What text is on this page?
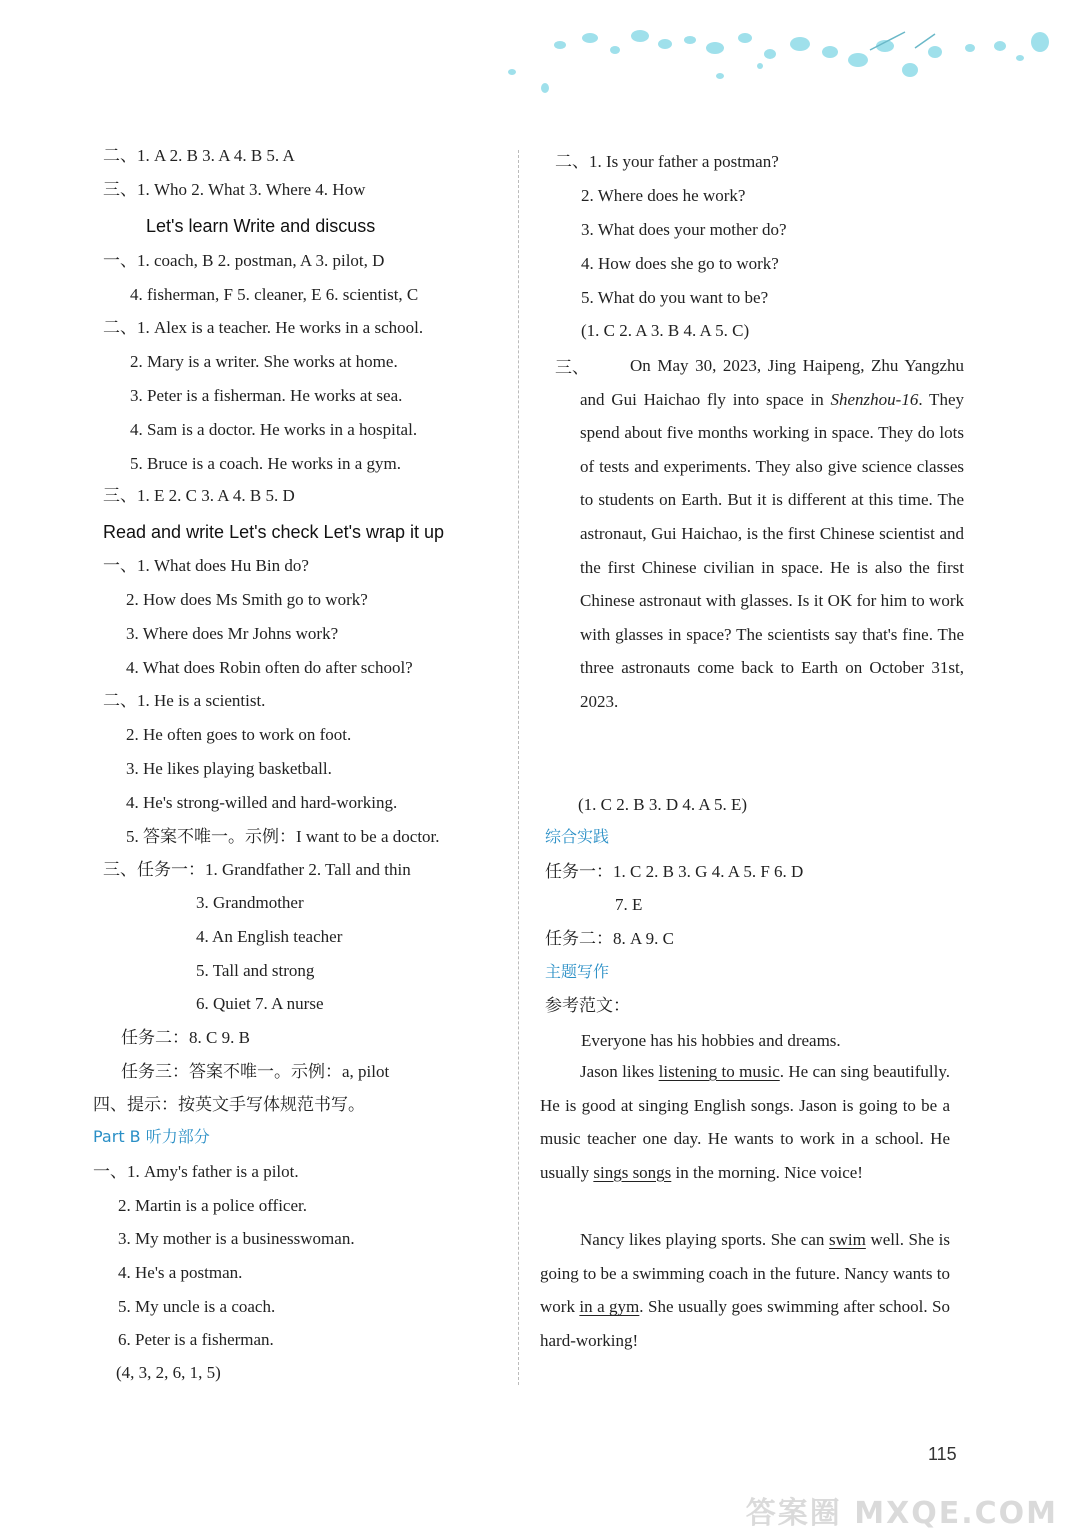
二、1. A 2. B 3. A 4. B 5. A
三、1. Who 2. What 3. Where 4. How
Let's learn Write and discuss
一、1. coach, B 2. postman, A 3. pilot, D
4. fisherman, F 5. cleaner, E 6. scientist, C
二、1. Alex is a teacher. He works in a school.
2. Mary is a writer. She works at home.
3. Peter is a fisherman. He works at sea.
4. Sam is a doctor. He works in a hospital.
5. Bruce is a coach. He works in a gym.
三、1. E 2. C 3. A 4. B 5. D
Read and write Let's check Let's wrap it up
一、1. What does Hu Bin do?
2. How does Ms Smith go to work?
3. Where does Mr Johns work?
4. What does Robin often do after school?
二、1. He is a scientist.
2. He often goes to work on foot.
3. He likes playing basketball.
4. He's strong-willed and hard-working.
5. 答案不唯一。示例：I want to be a doctor.
三、任务一：1. Grandfather 2. Tall and thin
3. Grandmother
4. An English teacher
5. Tall and strong
6. Quiet 7. A nurse
任务二：8. C 9. B
任务三：答案不唯一。示例：a, pilot
四、提示：按英文手写体规范书写。
Part B 听力部分
一、1. Amy's father is a pilot.
2. Martin is a police officer.
3. My mother is a businesswoman.
4. He's a postman.
5. My uncle is a coach.
6. Peter is a fisherman.
(4, 3, 2, 6, 1, 5)
二、1. Is your father a postman?
2. Where does he work?
3. What does your mother do?
4. How does she go to work?
5. What do you want to be?
(1. C 2. A 3. B 4. A 5. C)
三、	On May 30, 2023, Jing Haipeng, Zhu Yangzhu and Gui Haichao fly into space in Shenzhou-16. They spend about five months working in space. They do lots of tests and experiments. They also give science classes to students on Earth. But it is different at this time. The astronaut, Gui Haichao, is the first Chinese scientist and the first Chinese civilian in space. He is also the first Chinese astronaut with glasses. Is it OK for him to work with glasses in space? The scientists say that's fine. The three astronauts come back to Earth on October 31st, 2023.
(1. C 2. B 3. D 4. A 5. E)
综合实践
任务一：1. C 2. B 3. G 4. A 5. F 6. D
7. E
任务二：8. A 9. C
主题写作
参考范文：
Everyone has his hobbies and dreams.
Jason likes listening to music. He can sing beautifully. He is good at singing English songs. Jason is going to be a music teacher one day. He wants to work in a school. He usually sings songs in the morning. Nice voice!
Nancy likes playing sports. She can swim well. She is going to be a swimming coach in the future. Nancy wants to work in a gym. She usually goes swimming after school. So hard-working!
115
答案圈 MXQE.COM
